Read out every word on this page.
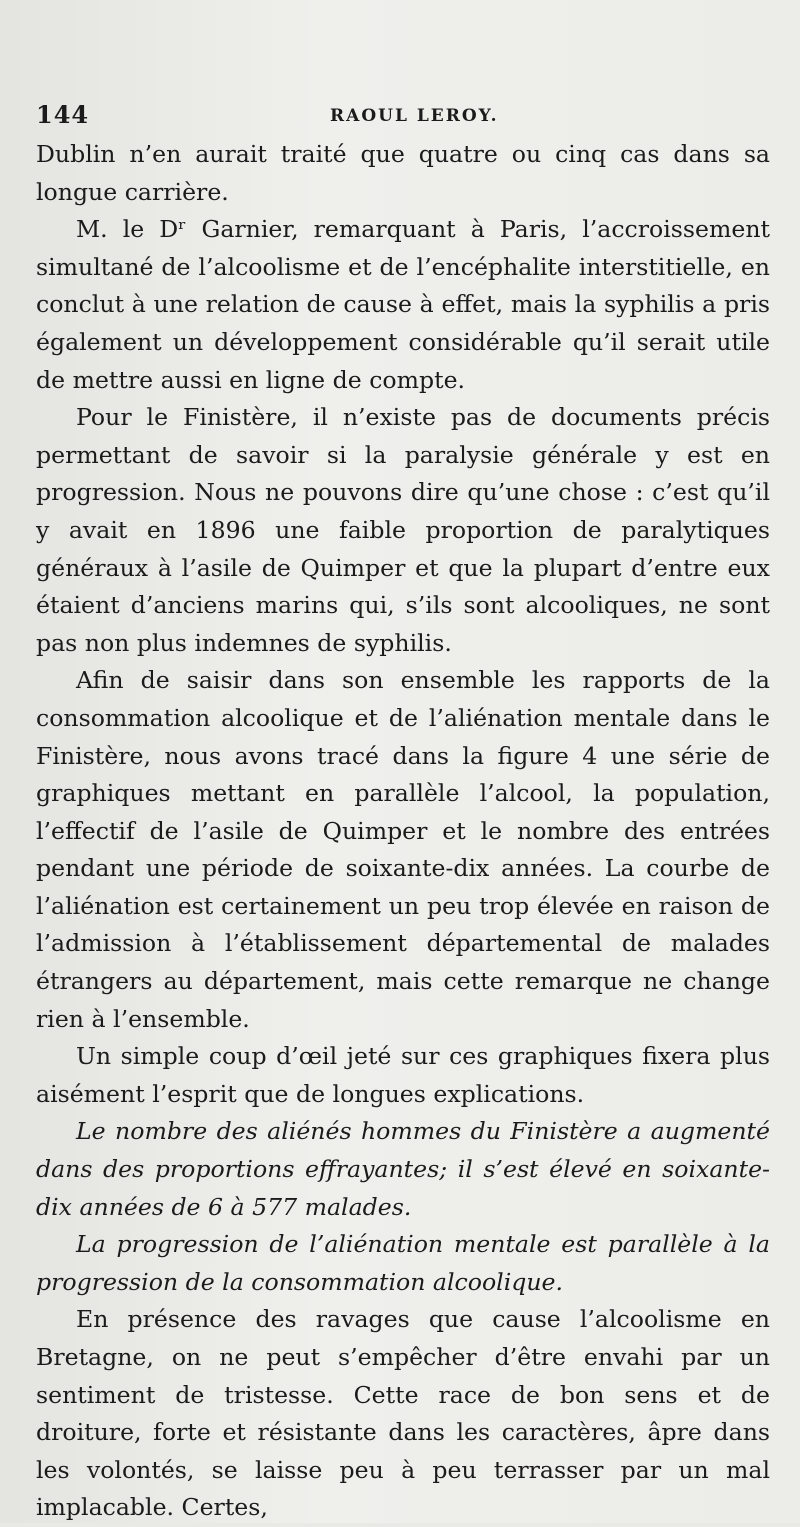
144	RAOUL LEROY.

Dublin n’en aurait traité que quatre ou cinq cas dans sa longue carrière.

M. le Dʳ Garnier, remarquant à Paris, l’accroissement simultané de l’alcoolisme et de l’encéphalite interstitielle, en conclut à une relation de cause à effet, mais la syphilis a pris également un développement considérable qu’il serait utile de mettre aussi en ligne de compte.

Pour le Finistère, il n’existe pas de documents précis permettant de savoir si la paralysie générale y est en progression. Nous ne pouvons dire qu’une chose : c’est qu’il y avait en 1896 une faible proportion de paralytiques généraux à l’asile de Quimper et que la plupart d’entre eux étaient d’anciens marins qui, s’ils sont alcooliques, ne sont pas non plus indemnes de syphilis.

Afin de saisir dans son ensemble les rapports de la consommation alcoolique et de l’aliénation mentale dans le Finistère, nous avons tracé dans la figure 4 une série de graphiques mettant en parallèle l’alcool, la population, l’effectif de l’asile de Quimper et le nombre des entrées pendant une période de soixante-dix années. La courbe de l’aliénation est certainement un peu trop élevée en raison de l’admission à l’établissement départemental de malades étrangers au département, mais cette remarque ne change rien à l’ensemble.

Un simple coup d’œil jeté sur ces graphiques fixera plus aisément l’esprit que de longues explications.

Le nombre des aliénés hommes du Finistère a augmenté dans des proportions effrayantes; il s’est élevé en soixante-dix années de 6 à 577 malades.

La progression de l’aliénation mentale est parallèle à la progression de la consommation alcoolique.

En présence des ravages que cause l’alcoolisme en Bretagne, on ne peut s’empêcher d’être envahi par un sentiment de tristesse. Cette race de bon sens et de droiture, forte et résistante dans les caractères, âpre dans les volontés, se laisse peu à peu terrasser par un mal implacable. Certes,
